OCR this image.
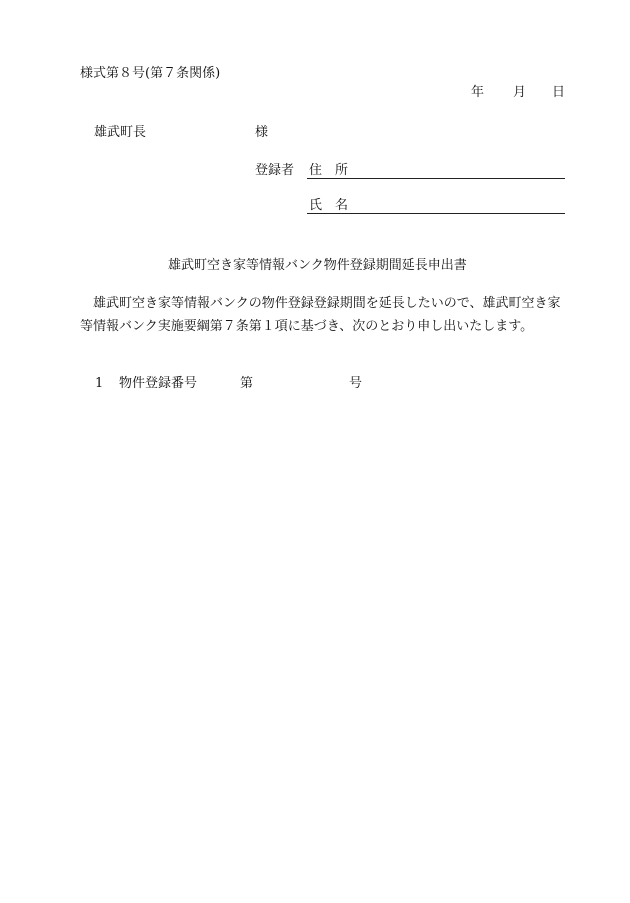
様式第８号(第７条関係)
年 月 日
雄武町長	様
登録者 住　所
氏　名
雄武町空き家等情報バンク物件登録期間延長申出書
雄武町空き家等情報バンクの物件登録登録期間を延長したいので、雄武町空き家等情報バンク実施要綱第７条第１項に基づき、次のとおり申し出いたします。
1 物件登録番号	第	号
